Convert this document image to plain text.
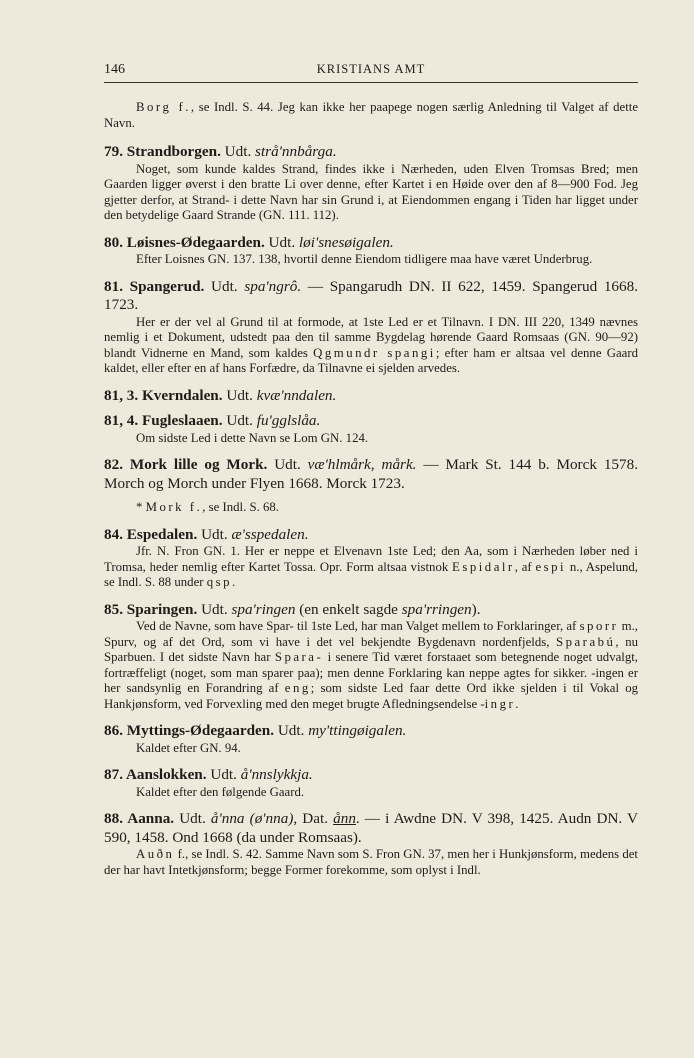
146	KRISTIANS AMT

Borg f., se Indl. S. 44. Jeg kan ikke her paapege nogen særlig Anledning til Valget af dette Navn.

79. Strandborgen. Udt. strå'nnbårga.

Noget, som kunde kaldes Strand, findes ikke i Nærheden, uden Elven Tromsas Bred; men Gaarden ligger øverst i den bratte Li over denne, efter Kartet i en Høide over den af 8—900 Fod. Jeg gjetter derfor, at Strand- i dette Navn har sin Grund i, at Eiendommen engang i Tiden har ligget under den betydelige Gaard Strande (GN. 111. 112).

80. Løisnes-Ødegaarden. Udt. løi'snesøigalen.

Efter Loisnes GN. 137. 138, hvortil denne Eiendom tidligere maa have været Underbrug.

81. Spangerud. Udt. spa'ngrô. — Spangarudh DN. II 622, 1459. Spangerud 1668. 1723.

Her er der vel al Grund til at formode, at 1ste Led er et Tilnavn. I DN. III 220, 1349 nævnes nemlig i et Dokument, udstedt paa den til samme Bygdelag hørende Gaard Romsaas (GN. 90—92) blandt Vidnerne en Mand, som kaldes Qgmundr spangi; efter ham er altsaa vel denne Gaard kaldet, eller efter en af hans Forfædre, da Tilnavne ei sjelden arvedes.

81, 3. Kverndalen. Udt. kvæ'nndalen.

81, 4. Fugleslaaen. Udt. fu'gglslåa.

Om sidste Led i dette Navn se Lom GN. 124.

82. Mork lille og Mork. Udt. væ'hlmårk, mårk. — Mark St. 144 b. Morck 1578. Morch og Morch under Flyen 1668. Morck 1723.

* Mork f., se Indl. S. 68.

84. Espedalen. Udt. æ'sspedalen.

Jfr. N. Fron GN. 1. Her er neppe et Elvenavn 1ste Led; den Aa, som i Nærheden løber ned i Tromsa, heder nemlig efter Kartet Tossa. Opr. Form altsaa vistnok Espidalr, af espi n., Aspelund, se Indl. S. 88 under qsp.

85. Sparingen. Udt. spa'ringen (en enkelt sagde spa'rringen).

Ved de Navne, som have Spar- til 1ste Led, har man Valget mellem to Forklaringer, af sporr m., Spurv, og af det Ord, som vi have i det vel bekjendte Bygdenavn nordenfjelds, Sparabú, nu Sparbuen. I det sidste Navn har Spara- i senere Tid været forstaaet som betegnende noget udvalgt, fortræffeligt (noget, som man sparer paa); men denne Forklaring kan neppe agtes for sikker. -ingen er her sandsynlig en Forandring af eng; som sidste Led faar dette Ord ikke sjelden i til Vokal og Hankjønsform, ved Forvexling med den meget brugte Afledningsendelse -ingr.

86. Myttings-Ødegaarden. Udt. my'ttingøigalen.

Kaldet efter GN. 94.

87. Aanslokken. Udt. å'nnslykkja.

Kaldet efter den følgende Gaard.

88. Aanna. Udt. å'nna (ø'nna), Dat. ånn. — i Awdne DN. V 398, 1425. Audn DN. V 590, 1458. Ond 1668 (da under Romsaas).

Auðn f., se Indl. S. 42. Samme Navn som S. Fron GN. 37, men her i Hunkjønsform, medens det der har havt Intetkjønsform; begge Former forekomme, som oplyst i Indl.
